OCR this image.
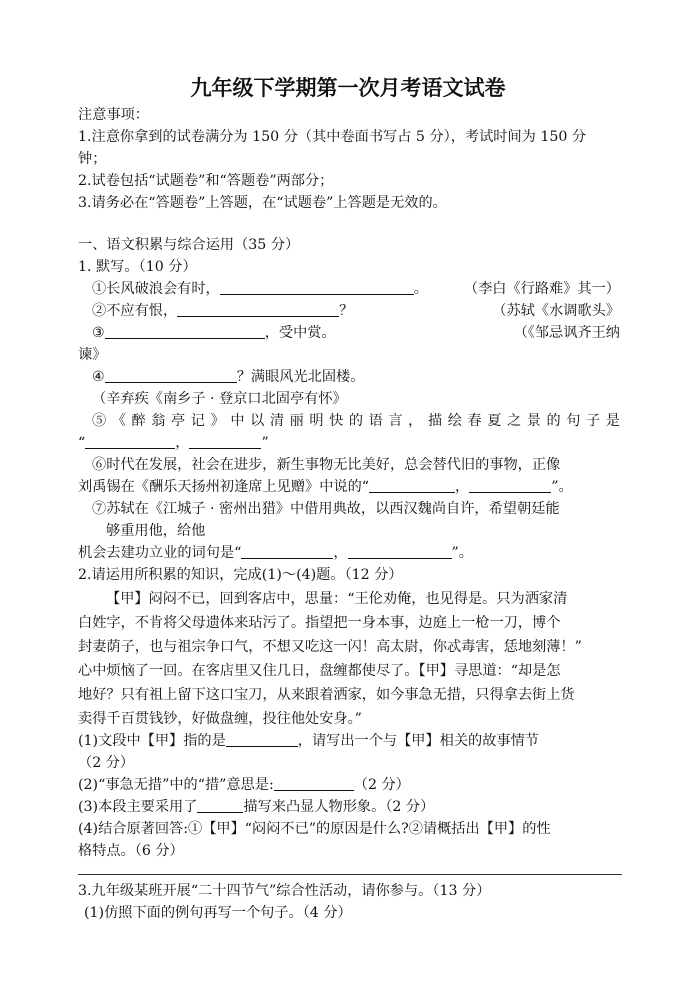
九年级下学期第一次月考语文试卷
注意事项：
1.注意你拿到的试卷满分为 150 分（其中卷面书写占 5 分），考试时间为 150 分
钟；
2.试卷包括“试题卷”和“答题卷”两部分；
3.请务必在“答题卷”上答题，在“试题卷”上答题是无效的。
一、语文积累与综合运用（35 分）
1. 默写。（10 分）
①长风破浪会有时，	。	（李白《行路难》其一）
②不应有恨，	？	（苏轼《水调歌头》
③	，受中赏。	（《邹忌讽齐王纳
谏》
④	？满眼风光北固楼。
（辛弃疾《南乡子 · 登京口北固亭有怀》
⑤《醉翁亭记》中以清丽明快的语言，描绘春夏之景的句子是
“	，	”
⑥时代在发展，社会在进步，新生事物无比美好，总会替代旧的事物，正像
刘禹锡在《酬乐天扬州初逢席上见赠》中说的“	，	”。
⑦苏轼在《江城子 · 密州出猎》中借用典故，以西汉魏尚自许，希望朝廷能
够重用他，给他
机会去建功立业的词句是“	，	”。
2.请运用所积累的知识，完成(1)～(4)题。（12 分）
【甲】闷闷不已，回到客店中，思量：“王伦劝俺，也见得是。只为洒家清
白姓字，不肯将父母遗体来玷污了。指望把一身本事，边庭上一枪一刀，博个
封妻荫子，也与祖宗争口气，不想又吃这一闪！高太尉，你忒毒害，恁地刻薄！”
心中烦恼了一回。在客店里又住几日，盘缠都使尽了。【甲】寻思道：“却是怎
地好？只有祖上留下这口宝刀，从来跟着洒家，如今事急无措，只得拿去街上货
卖得千百贯钱钞，好做盘缠，投往他处安身。”
(1)文段中【甲】指的是	，请写出一个与【甲】相关的故事情节
（2 分）
(2)“事急无措”中的“措”意思是:	（2 分）
(3)本段主要采用了	描写来凸显人物形象。（2 分）
(4)结合原著回答:①【甲】“闷闷不已”的原因是什么?②请概括出【甲】的性
格特点。（6 分）
3.九年级某班开展“二十四节气”综合性活动，请你参与。（13 分）
(1)仿照下面的例句再写一个句子。（4 分）
